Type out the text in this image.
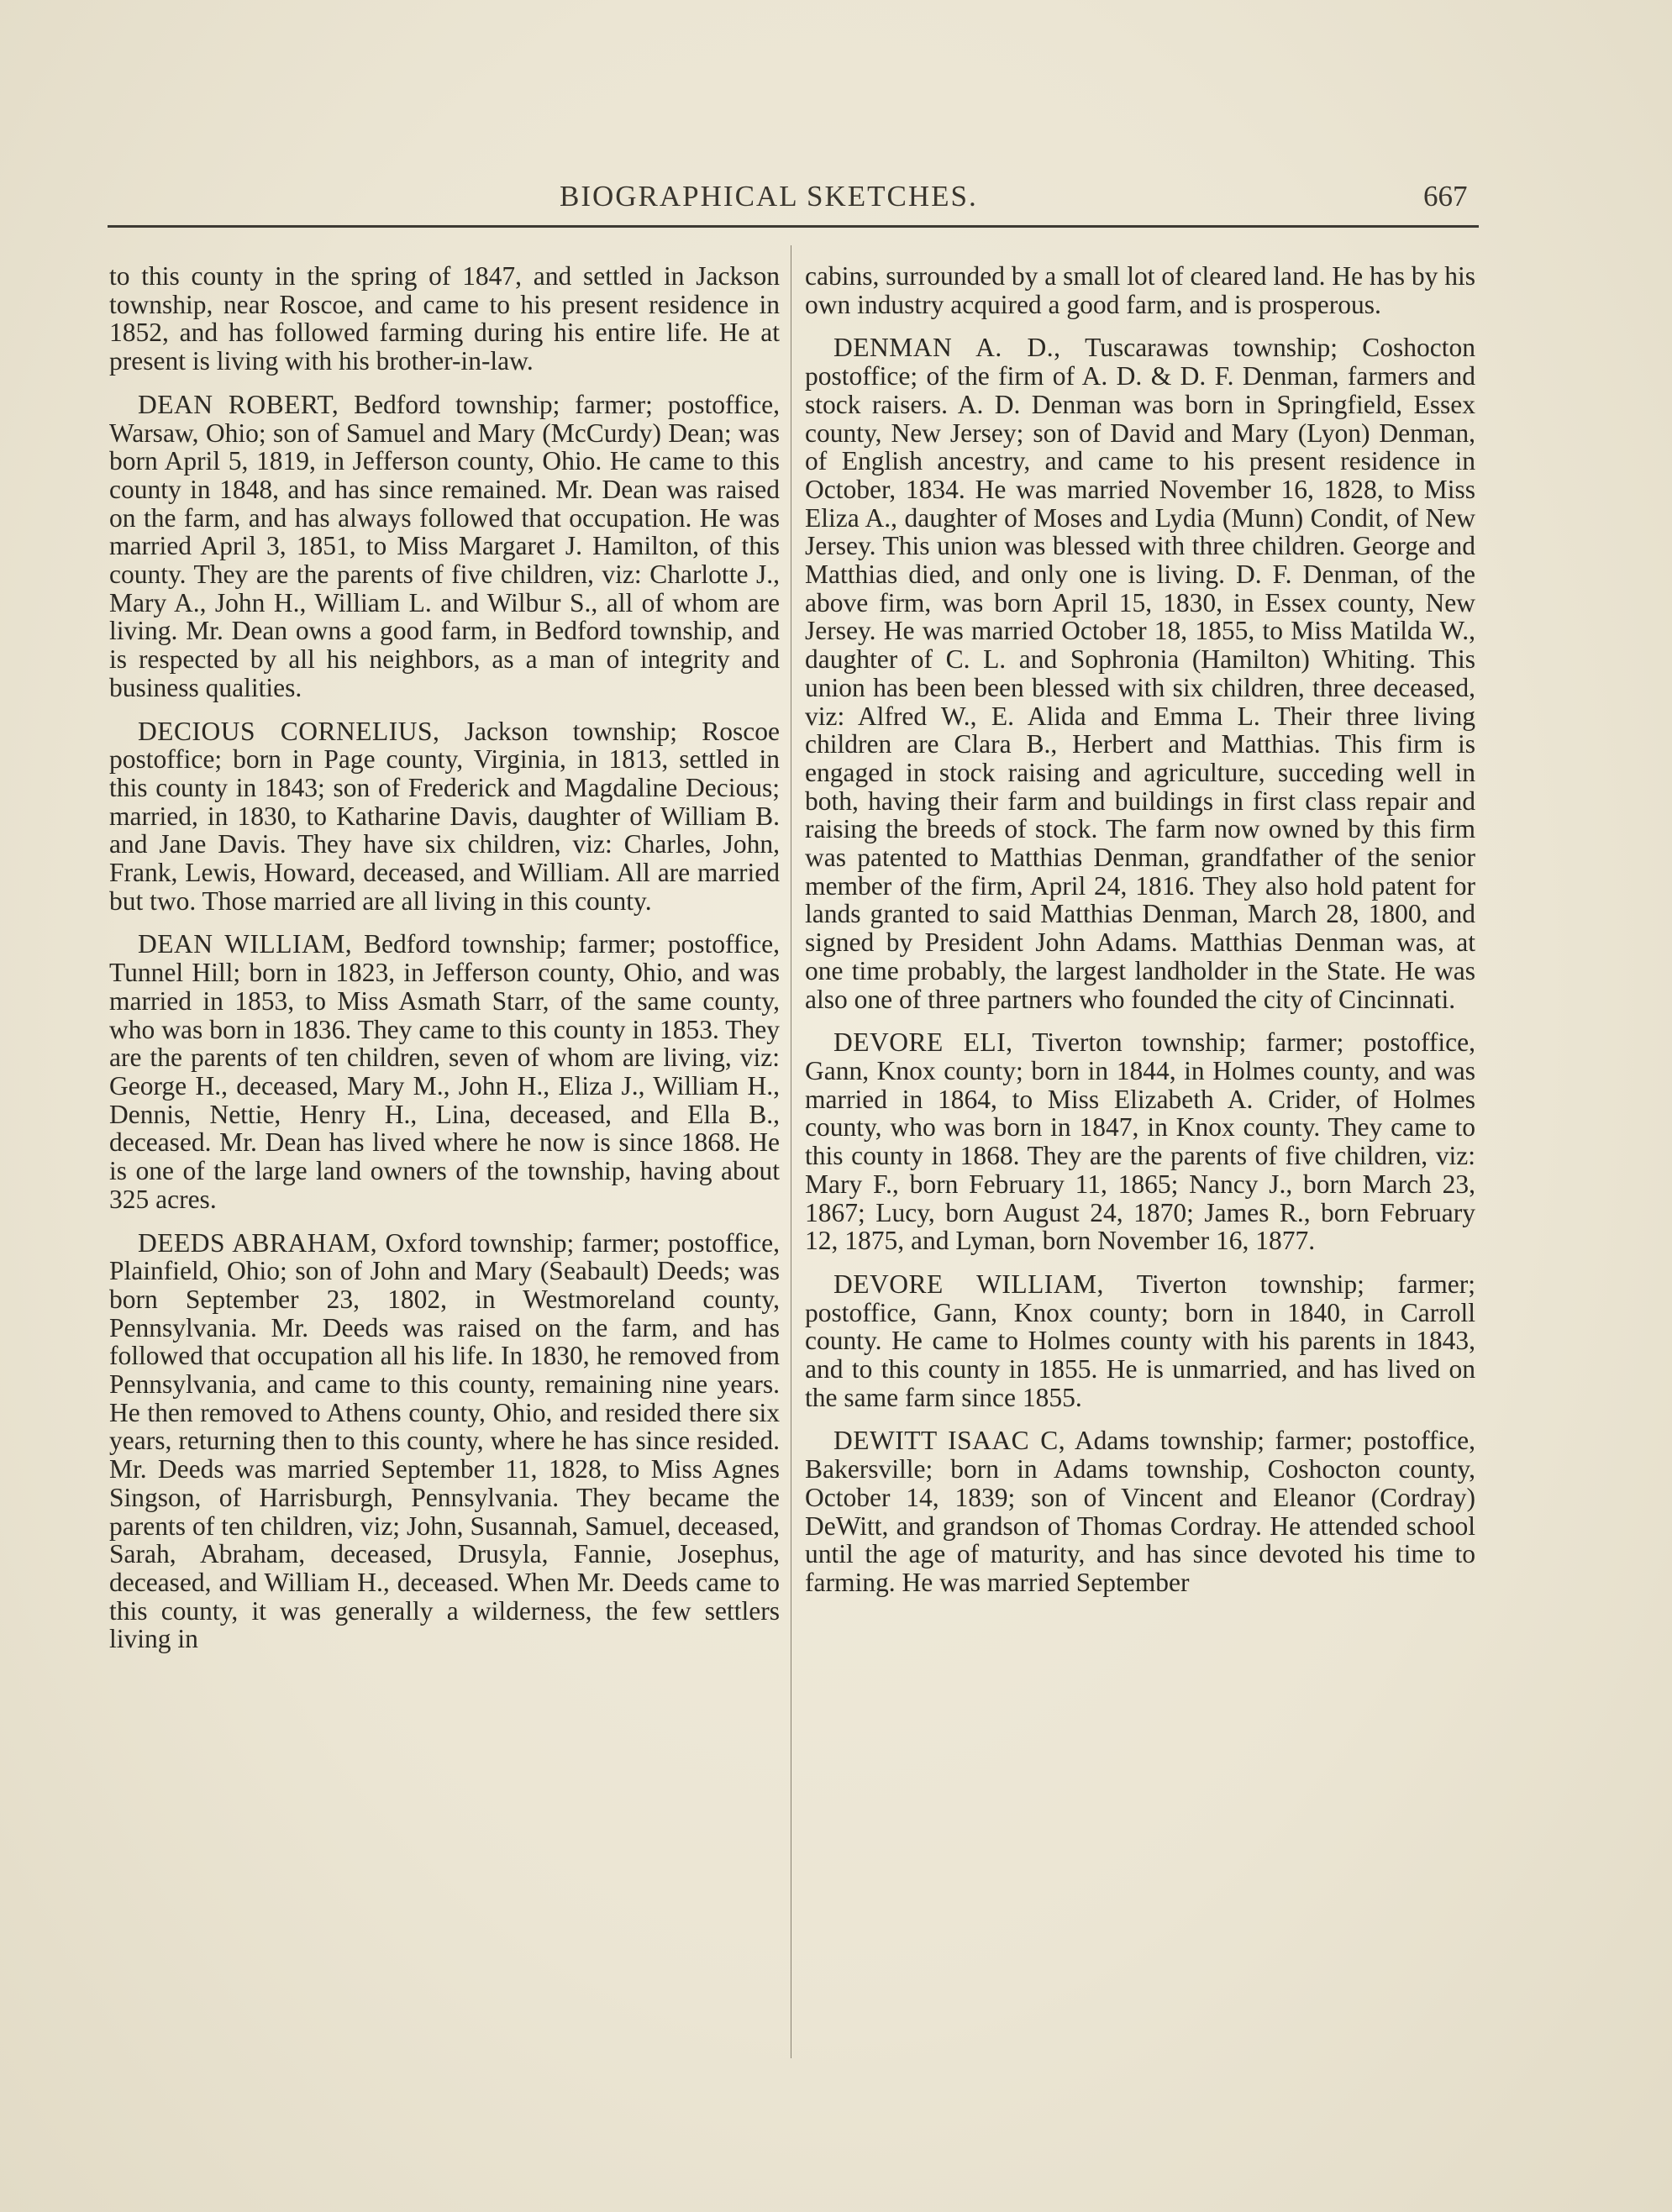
BIOGRAPHICAL SKETCHES.	667

to this county in the spring of 1847, and settled in Jackson township, near Roscoe, and came to his present residence in 1852, and has followed farming during his entire life. He at present is living with his brother-in-law.

DEAN ROBERT, Bedford township; farmer; postoffice, Warsaw, Ohio; son of Samuel and Mary (McCurdy) Dean; was born April 5, 1819, in Jefferson county, Ohio. He came to this county in 1848, and has since remained. Mr. Dean was raised on the farm, and has always followed that occupation. He was married April 3, 1851, to Miss Margaret J. Hamilton, of this county. They are the parents of five children, viz: Charlotte J., Mary A., John H., William L. and Wilbur S., all of whom are living. Mr. Dean owns a good farm, in Bedford township, and is respected by all his neighbors, as a man of integrity and business qualities.

DECIOUS CORNELIUS, Jackson township; Roscoe postoffice; born in Page county, Virginia, in 1813, settled in this county in 1843; son of Frederick and Magdaline Decious; married, in 1830, to Katharine Davis, daughter of William B. and Jane Davis. They have six children, viz: Charles, John, Frank, Lewis, Howard, deceased, and William. All are married but two. Those married are all living in this county.

DEAN WILLIAM, Bedford township; farmer; postoffice, Tunnel Hill; born in 1823, in Jefferson county, Ohio, and was married in 1853, to Miss Asmath Starr, of the same county, who was born in 1836. They came to this county in 1853. They are the parents of ten children, seven of whom are living, viz: George H., deceased, Mary M., John H., Eliza J., William H., Dennis, Nettie, Henry H., Lina, deceased, and Ella B., deceased. Mr. Dean has lived where he now is since 1868. He is one of the large land owners of the township, having about 325 acres.

DEEDS ABRAHAM, Oxford township; farmer; postoffice, Plainfield, Ohio; son of John and Mary (Seabault) Deeds; was born September 23, 1802, in Westmoreland county, Pennsylvania. Mr. Deeds was raised on the farm, and has followed that occupation all his life. In 1830, he removed from Pennsylvania, and came to this county, remaining nine years. He then removed to Athens county, Ohio, and resided there six years, returning then to this county, where he has since resided. Mr. Deeds was married September 11, 1828, to Miss Agnes Singson, of Harrisburgh, Pennsylvania. They became the parents of ten children, viz; John, Susannah, Samuel, deceased, Sarah, Abraham, deceased, Drusyla, Fannie, Josephus, deceased, and William H., deceased. When Mr. Deeds came to this county, it was generally a wilderness, the few settlers living in

cabins, surrounded by a small lot of cleared land. He has by his own industry acquired a good farm, and is prosperous.

DENMAN A. D., Tuscarawas township; Coshocton postoffice; of the firm of A. D. & D. F. Denman, farmers and stock raisers. A. D. Denman was born in Springfield, Essex county, New Jersey; son of David and Mary (Lyon) Denman, of English ancestry, and came to his present residence in October, 1834. He was married November 16, 1828, to Miss Eliza A., daughter of Moses and Lydia (Munn) Condit, of New Jersey. This union was blessed with three children. George and Matthias died, and only one is living. D. F. Denman, of the above firm, was born April 15, 1830, in Essex county, New Jersey. He was married October 18, 1855, to Miss Matilda W., daughter of C. L. and Sophronia (Hamilton) Whiting. This union has been been blessed with six children, three deceased, viz: Alfred W., E. Alida and Emma L. Their three living children are Clara B., Herbert and Matthias. This firm is engaged in stock raising and agriculture, succeding well in both, having their farm and buildings in first class repair and raising the breeds of stock. The farm now owned by this firm was patented to Matthias Denman, grandfather of the senior member of the firm, April 24, 1816. They also hold patent for lands granted to said Matthias Denman, March 28, 1800, and signed by President John Adams. Matthias Denman was, at one time probably, the largest landholder in the State. He was also one of three partners who founded the city of Cincinnati.

DEVORE ELI, Tiverton township; farmer; postoffice, Gann, Knox county; born in 1844, in Holmes county, and was married in 1864, to Miss Elizabeth A. Crider, of Holmes county, who was born in 1847, in Knox county. They came to this county in 1868. They are the parents of five children, viz: Mary F., born February 11, 1865; Nancy J., born March 23, 1867; Lucy, born August 24, 1870; James R., born February 12, 1875, and Lyman, born November 16, 1877.

DEVORE WILLIAM, Tiverton township; farmer; postoffice, Gann, Knox county; born in 1840, in Carroll county. He came to Holmes county with his parents in 1843, and to this county in 1855. He is unmarried, and has lived on the same farm since 1855.

DEWITT ISAAC C, Adams township; farmer; postoffice, Bakersville; born in Adams township, Coshocton county, October 14, 1839; son of Vincent and Eleanor (Cordray) DeWitt, and grandson of Thomas Cordray. He attended school until the age of maturity, and has since devoted his time to farming. He was married September
